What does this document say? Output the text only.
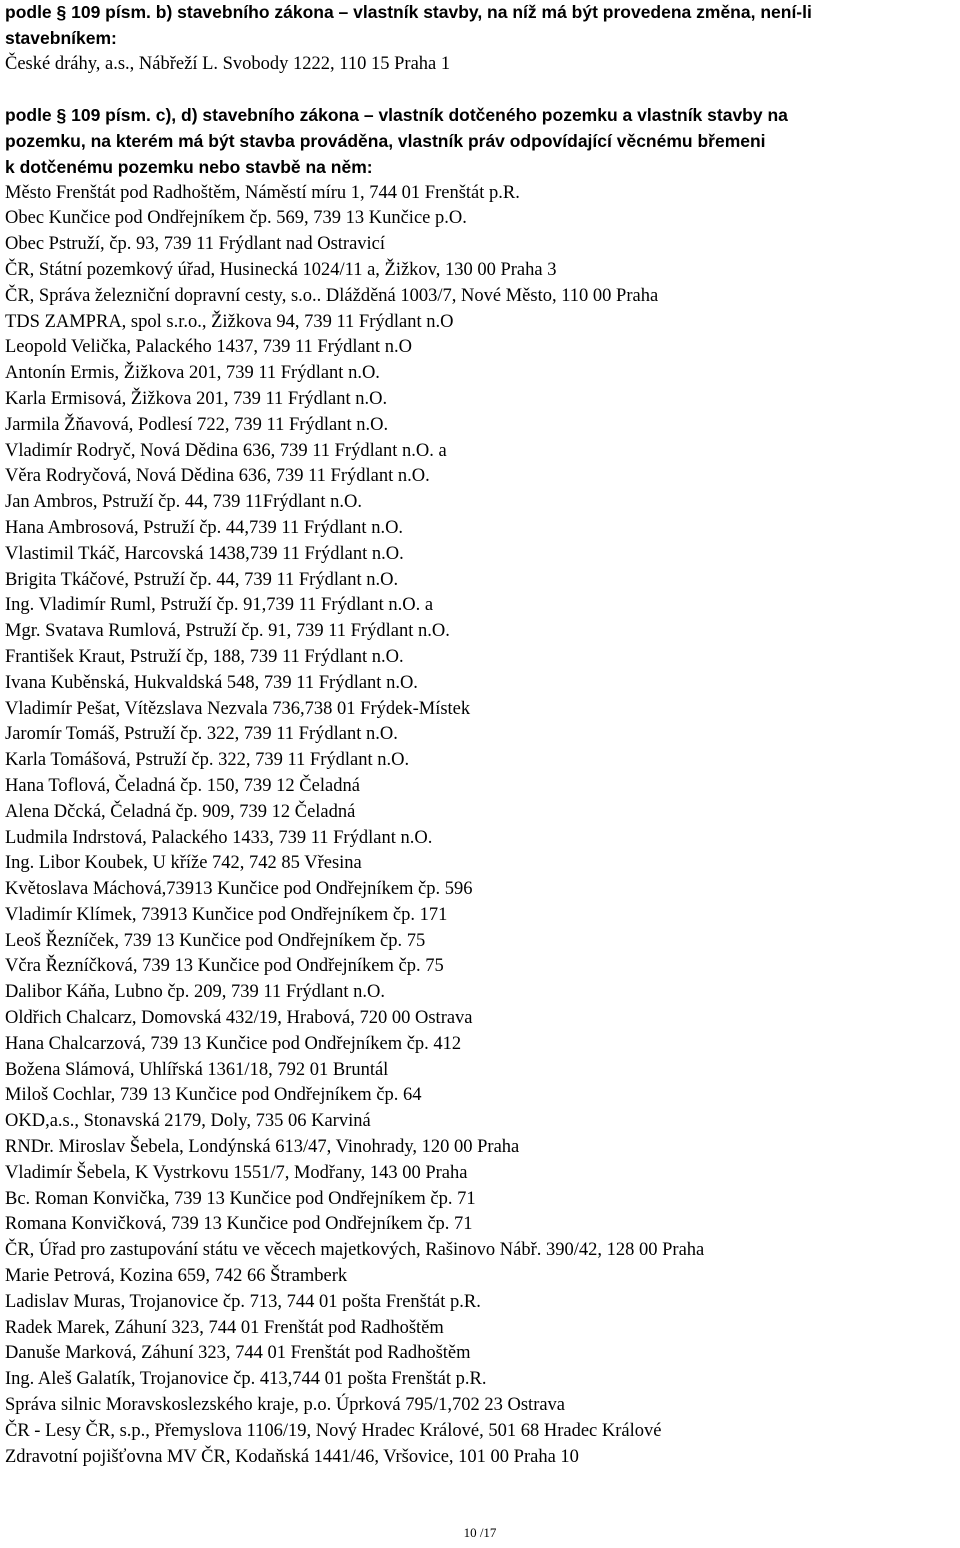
podle § 109 písm. b) stavebního zákona – vlastník stavby, na níž má být provedena změna, není-li

stavebníkem:

České dráhy, a.s., Nábřeží L. Svobody 1222, 110 15 Praha 1

podle § 109 písm. c), d) stavebního zákona – vlastník dotčeného pozemku a vlastník stavby na

pozemku, na kterém má být stavba prováděna, vlastník práv odpovídající věcnému břemeni

k dotčenému pozemku nebo stavbě na něm:

Město Frenštát pod Radhoštěm, Náměstí míru 1, 744 01 Frenštát p.R.

Obec Kunčice pod Ondřejníkem čp. 569, 739 13 Kunčice p.O.

Obec Pstruží, čp. 93, 739 11 Frýdlant nad Ostravicí

ČR, Státní pozemkový úřad, Husinecká 1024/11 a, Žižkov, 130 00 Praha 3

ČR, Správa železniční dopravní cesty, s.o.. Dlážděná 1003/7, Nové Město, 110 00 Praha

TDS ZAMPRA, spol s.r.o., Žižkova 94, 739 11 Frýdlant n.O

Leopold Velička, Palackého 1437, 739 11 Frýdlant n.O

Antonín Ermis, Žižkova 201, 739 11 Frýdlant n.O.

Karla Ermisová, Žižkova 201, 739 11 Frýdlant n.O.

Jarmila Žňavová, Podlesí 722, 739 11 Frýdlant n.O.

Vladimír Rodryč, Nová Dědina 636, 739 11 Frýdlant n.O. a

Věra Rodryčová, Nová Dědina 636, 739 11 Frýdlant n.O.

Jan Ambros, Pstruží čp. 44, 739 11Frýdlant n.O.

Hana Ambrosová, Pstruží čp. 44,739 11 Frýdlant n.O.

Vlastimil Tkáč, Harcovská 1438,739 11 Frýdlant n.O.

Brigita Tkáčové, Pstruží čp. 44, 739 11 Frýdlant n.O.

Ing. Vladimír Ruml, Pstruží čp. 91,739 11 Frýdlant n.O. a

Mgr. Svatava Rumlová, Pstruží čp. 91, 739 11 Frýdlant n.O.

František Kraut, Pstruží čp, 188, 739 11 Frýdlant n.O.

Ivana Kuběnská, Hukvaldská 548, 739 11 Frýdlant n.O.

Vladimír Pešat, Vítězslava Nezvala 736,738 01 Frýdek-Místek

Jaromír Tomáš, Pstruží čp. 322, 739 11 Frýdlant n.O.

Karla Tomášová, Pstruží čp. 322, 739 11 Frýdlant n.O.

Hana Toflová, Čeladná čp. 150, 739 12 Čeladná

Alena Dčcká, Čeladná čp. 909, 739 12 Čeladná

Ludmila Indrstová, Palackého 1433, 739 11 Frýdlant n.O.

Ing. Libor Koubek, U kříže 742, 742 85 Vřesina

Květoslava Máchová,73913 Kunčice pod Ondřejníkem čp. 596

Vladimír Klímek, 73913 Kunčice pod Ondřejníkem čp. 171

Leoš Řezníček, 739 13 Kunčice pod Ondřejníkem čp. 75

Včra Řezníčková, 739 13 Kunčice pod Ondřejníkem čp. 75

Dalibor Káňa, Lubno čp. 209, 739 11 Frýdlant n.O.

Oldřich Chalcarz, Domovská 432/19, Hrabová, 720 00 Ostrava

Hana Chalcarzová, 739 13 Kunčice pod Ondřejníkem čp. 412

Božena Slámová, Uhlířská 1361/18, 792 01 Bruntál

Miloš Cochlar, 739 13 Kunčice pod Ondřejníkem čp. 64

OKD,a.s., Stonavská 2179, Doly, 735 06 Karviná

RNDr. Miroslav Šebela, Londýnská 613/47, Vinohrady, 120 00 Praha

Vladimír Šebela, K Vystrkovu 1551/7, Modřany, 143 00 Praha

Bc. Roman Konvička, 739 13 Kunčice pod Ondřejníkem čp. 71

Romana Konvičková, 739 13 Kunčice pod Ondřejníkem čp. 71

ČR, Úřad pro zastupování státu ve věcech majetkových, Rašinovo Nábř. 390/42, 128 00 Praha

Marie Petrová, Kozina 659, 742 66 Štramberk

Ladislav Muras, Trojanovice čp. 713, 744 01 pošta Frenštát p.R.

Radek Marek, Záhuní 323, 744 01 Frenštát pod Radhoštěm

Danuše Marková, Záhuní 323, 744 01 Frenštát pod Radhoštěm

Ing. Aleš Galatík, Trojanovice čp. 413,744 01 pošta Frenštát p.R.

Správa silnic Moravskoslezského kraje, p.o. Úprková 795/1,702 23 Ostrava

ČR - Lesy ČR, s.p., Přemyslova 1106/19, Nový Hradec Králové, 501 68 Hradec Králové

Zdravotní pojišťovna MV ČR, Kodaňská 1441/46, Vršovice, 101 00 Praha 10

10 /17
